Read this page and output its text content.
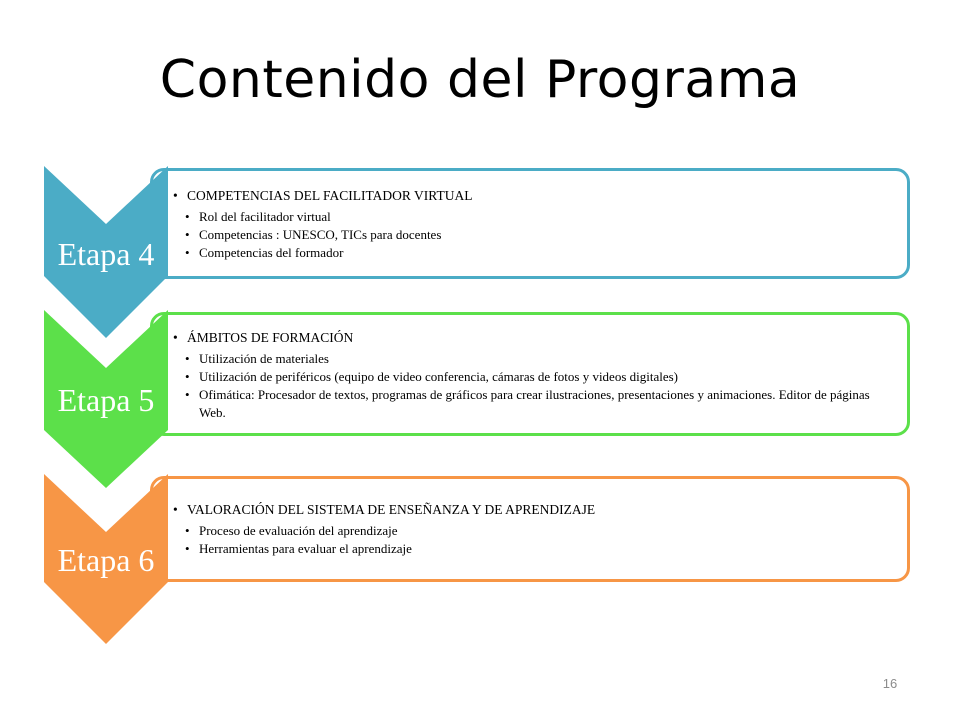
Contenido del Programa
• COMPETENCIAS DEL FACILITADOR VIRTUAL
• Rol del facilitador virtual
• Competencias : UNESCO, TICs para docentes
• Competencias del formador
Etapa 4
• ÁMBITOS DE FORMACIÓN
• Utilización de materiales
• Utilización de periféricos (equipo de video conferencia, cámaras de fotos y videos digitales)
• Ofimática: Procesador de textos, programas de gráficos para crear ilustraciones, presentaciones y animaciones. Editor de páginas Web.
Etapa 5
• VALORACIÓN DEL SISTEMA DE ENSEÑANZA Y DE APRENDIZAJE
• Proceso de evaluación del aprendizaje
• Herramientas para evaluar el aprendizaje
Etapa 6
16
